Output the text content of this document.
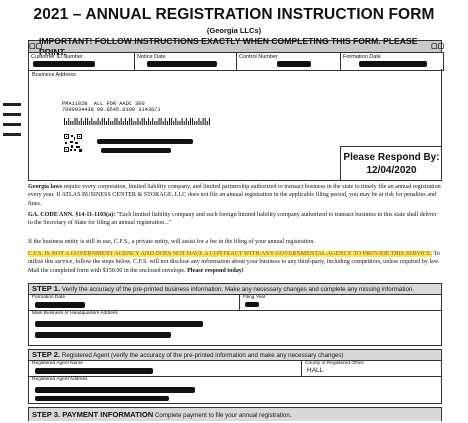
2021 – ANNUAL REGISTRATION INSTRUCTION FORM
(Georgia LLCs)
▢▢
IMPORTANT! FOLLOW INSTRUCTIONS EXACTLY WHEN COMPLETING THIS FORM. PLEASE PRINT.	▢▢
Customer ID Number	Notice Date	Control Number	Formation Date
Business Address
PMA1102B  ALL FOR AADC 300
7000034438 00.0545.0100 31438/1
Please Respond By:
12/04/2020
Georgia laws require every corporation, limited liability company, and limited partnership authorized to transact business in the state to timely file an annual registration every year. If ATLAS BUSINESS CENTER & STORAGE, LLC does not file an annual registration in the applicable filing period, you may be at risk for penalties and fines.
GA. CODE ANN. §14-11-1103(a): "Each limited liability company and each foreign limited liability company authorized to transact business in this state shall deliver to the Secretary of State for filing an annual registration..."
If the business entity is still in use, C.F.S., a private entity, will assist for a fee in the filing of your annual registration.
C.F.S. IS NOT A GOVERNMENT AGENCY AND DOES NOT HAVE A CONTRACT WITH ANY GOVERNMENTAL AGENCY TO PROVIDE THIS SERVICE. To utilize this service, follow the steps below. C.F.S. will not disclose any information about your business to any third-party, including competitors, unless required by law. Mail the completed form with $150.00 in the enclosed envelope. Please respond today!
STEP 1. Verify the accuracy of the pre-printed business information. Make any necessary changes and complete any missing information.
Formation Date	Filing Year
Main Business or Headquarters Address
STEP 2. Registered Agent (verify the accuracy of the pre-printed information and make any necessary changes)
Registered Agent Name	County of Registered Office
HALL
Registered Agent Address
STEP 3. PAYMENT INFORMATION Complete payment to file your annual registration.
